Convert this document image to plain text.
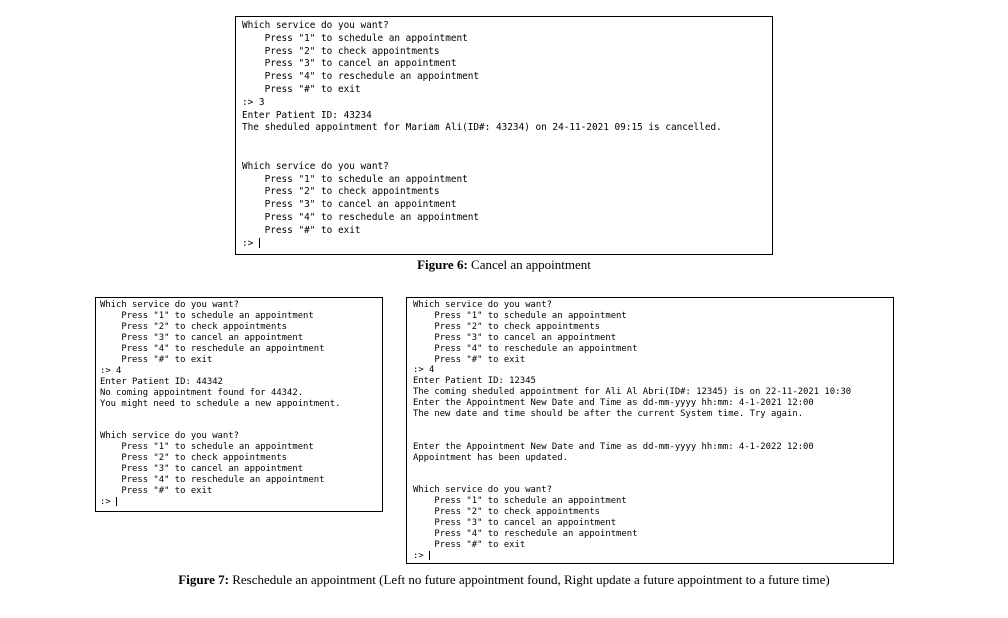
Which service do you want?
Press "1" to schedule an appointment
Press "2" to check appointments
Press "3" to cancel an appointment
Press "4" to reschedule an appointment
Press "#" to exit
:> 3
Enter Patient ID: 43234
The sheduled appointment for Mariam Ali(ID#: 43234) on 24-11-2021 09:15 is cancelled.
Which service do you want?
Press "1" to schedule an appointment
Press "2" to check appointments
Press "3" to cancel an appointment
Press "4" to reschedule an appointment
Press "#" to exit
:>
Figure 6: Cancel an appointment
Which service do you want?
Press "1" to schedule an appointment
Press "2" to check appointments
Press "3" to cancel an appointment
Press "4" to reschedule an appointment
Press "#" to exit
:> 4
Enter Patient ID: 44342
No coming appointment found for 44342.
You might need to schedule a new appointment.
Which service do you want?
Press "1" to schedule an appointment
Press "2" to check appointments
Press "3" to cancel an appointment
Press "4" to reschedule an appointment
Press "#" to exit
:>
Which service do you want?
Press "1" to schedule an appointment
Press "2" to check appointments
Press "3" to cancel an appointment
Press "4" to reschedule an appointment
Press "#" to exit
:> 4
Enter Patient ID: 12345
The coming sheduled appointment for Ali Al Abri(ID#: 12345) is on 22-11-2021 10:30
Enter the Appointment New Date and Time as dd-mm-yyyy hh:mm: 4-1-2021 12:00
The new date and time should be after the current System time. Try again.
Enter the Appointment New Date and Time as dd-mm-yyyy hh:mm: 4-1-2022 12:00
Appointment has been updated.
Which service do you want?
Press "1" to schedule an appointment
Press "2" to check appointments
Press "3" to cancel an appointment
Press "4" to reschedule an appointment
Press "#" to exit
:>
Figure 7: Reschedule an appointment (Left no future appointment found, Right update a future appointment to a future time)
